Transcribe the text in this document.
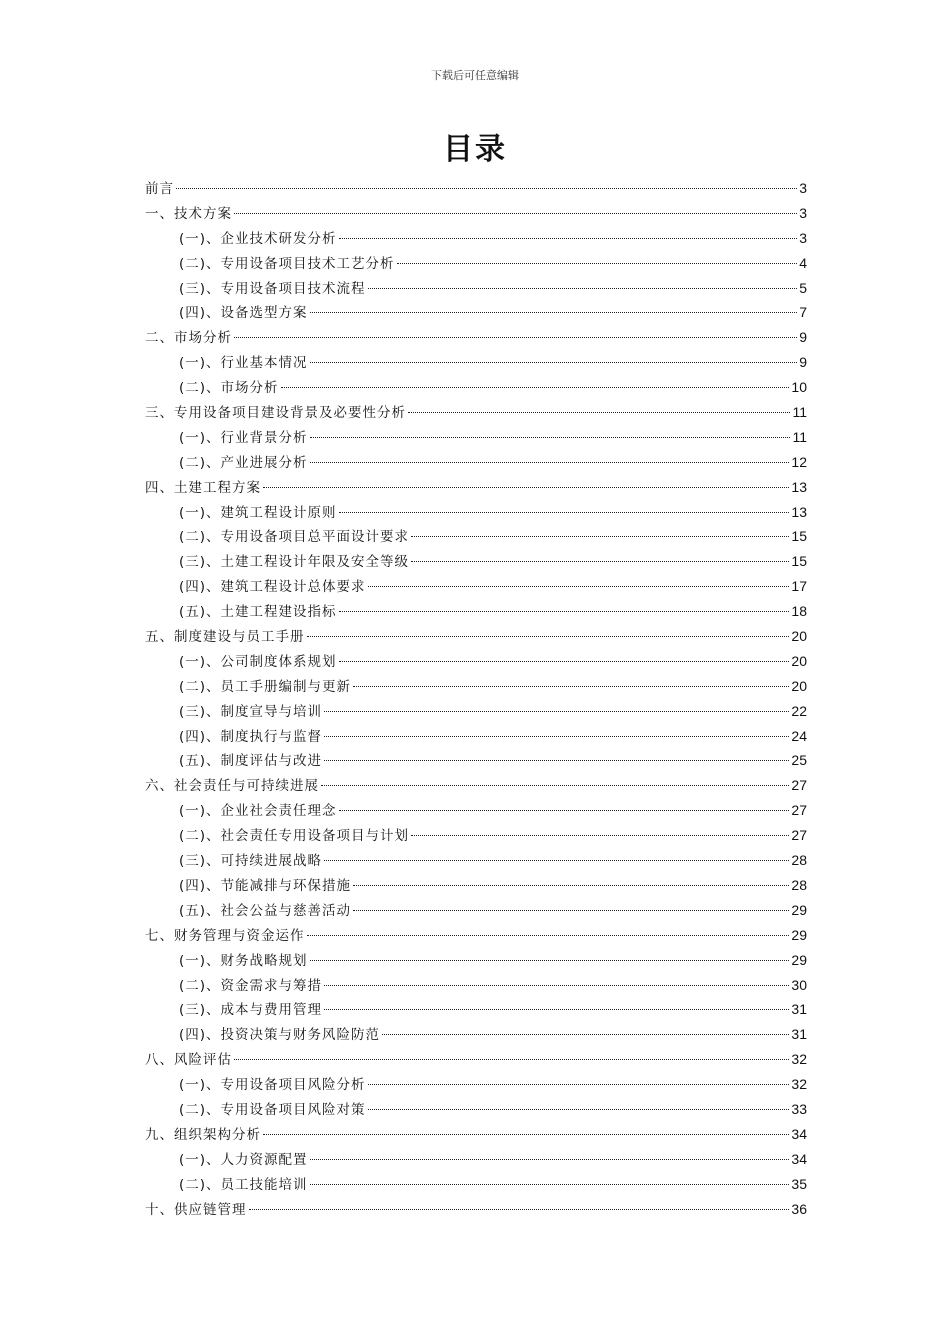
下载后可任意编辑
目录
前言	3
一、技术方案	3
(一)、企业技术研发分析	3
(二)、专用设备项目技术工艺分析	4
(三)、专用设备项目技术流程	5
(四)、设备选型方案	7
二、市场分析	9
(一)、行业基本情况	9
(二)、市场分析	10
三、专用设备项目建设背景及必要性分析	11
(一)、行业背景分析	11
(二)、产业进展分析	12
四、土建工程方案	13
(一)、建筑工程设计原则	13
(二)、专用设备项目总平面设计要求	15
(三)、土建工程设计年限及安全等级	15
(四)、建筑工程设计总体要求	17
(五)、土建工程建设指标	18
五、制度建设与员工手册	20
(一)、公司制度体系规划	20
(二)、员工手册编制与更新	20
(三)、制度宣导与培训	22
(四)、制度执行与监督	24
(五)、制度评估与改进	25
六、社会责任与可持续进展	27
(一)、企业社会责任理念	27
(二)、社会责任专用设备项目与计划	27
(三)、可持续进展战略	28
(四)、节能减排与环保措施	28
(五)、社会公益与慈善活动	29
七、财务管理与资金运作	29
(一)、财务战略规划	29
(二)、资金需求与筹措	30
(三)、成本与费用管理	31
(四)、投资决策与财务风险防范	31
八、风险评估	32
(一)、专用设备项目风险分析	32
(二)、专用设备项目风险对策	33
九、组织架构分析	34
(一)、人力资源配置	34
(二)、员工技能培训	35
十、供应链管理	36
